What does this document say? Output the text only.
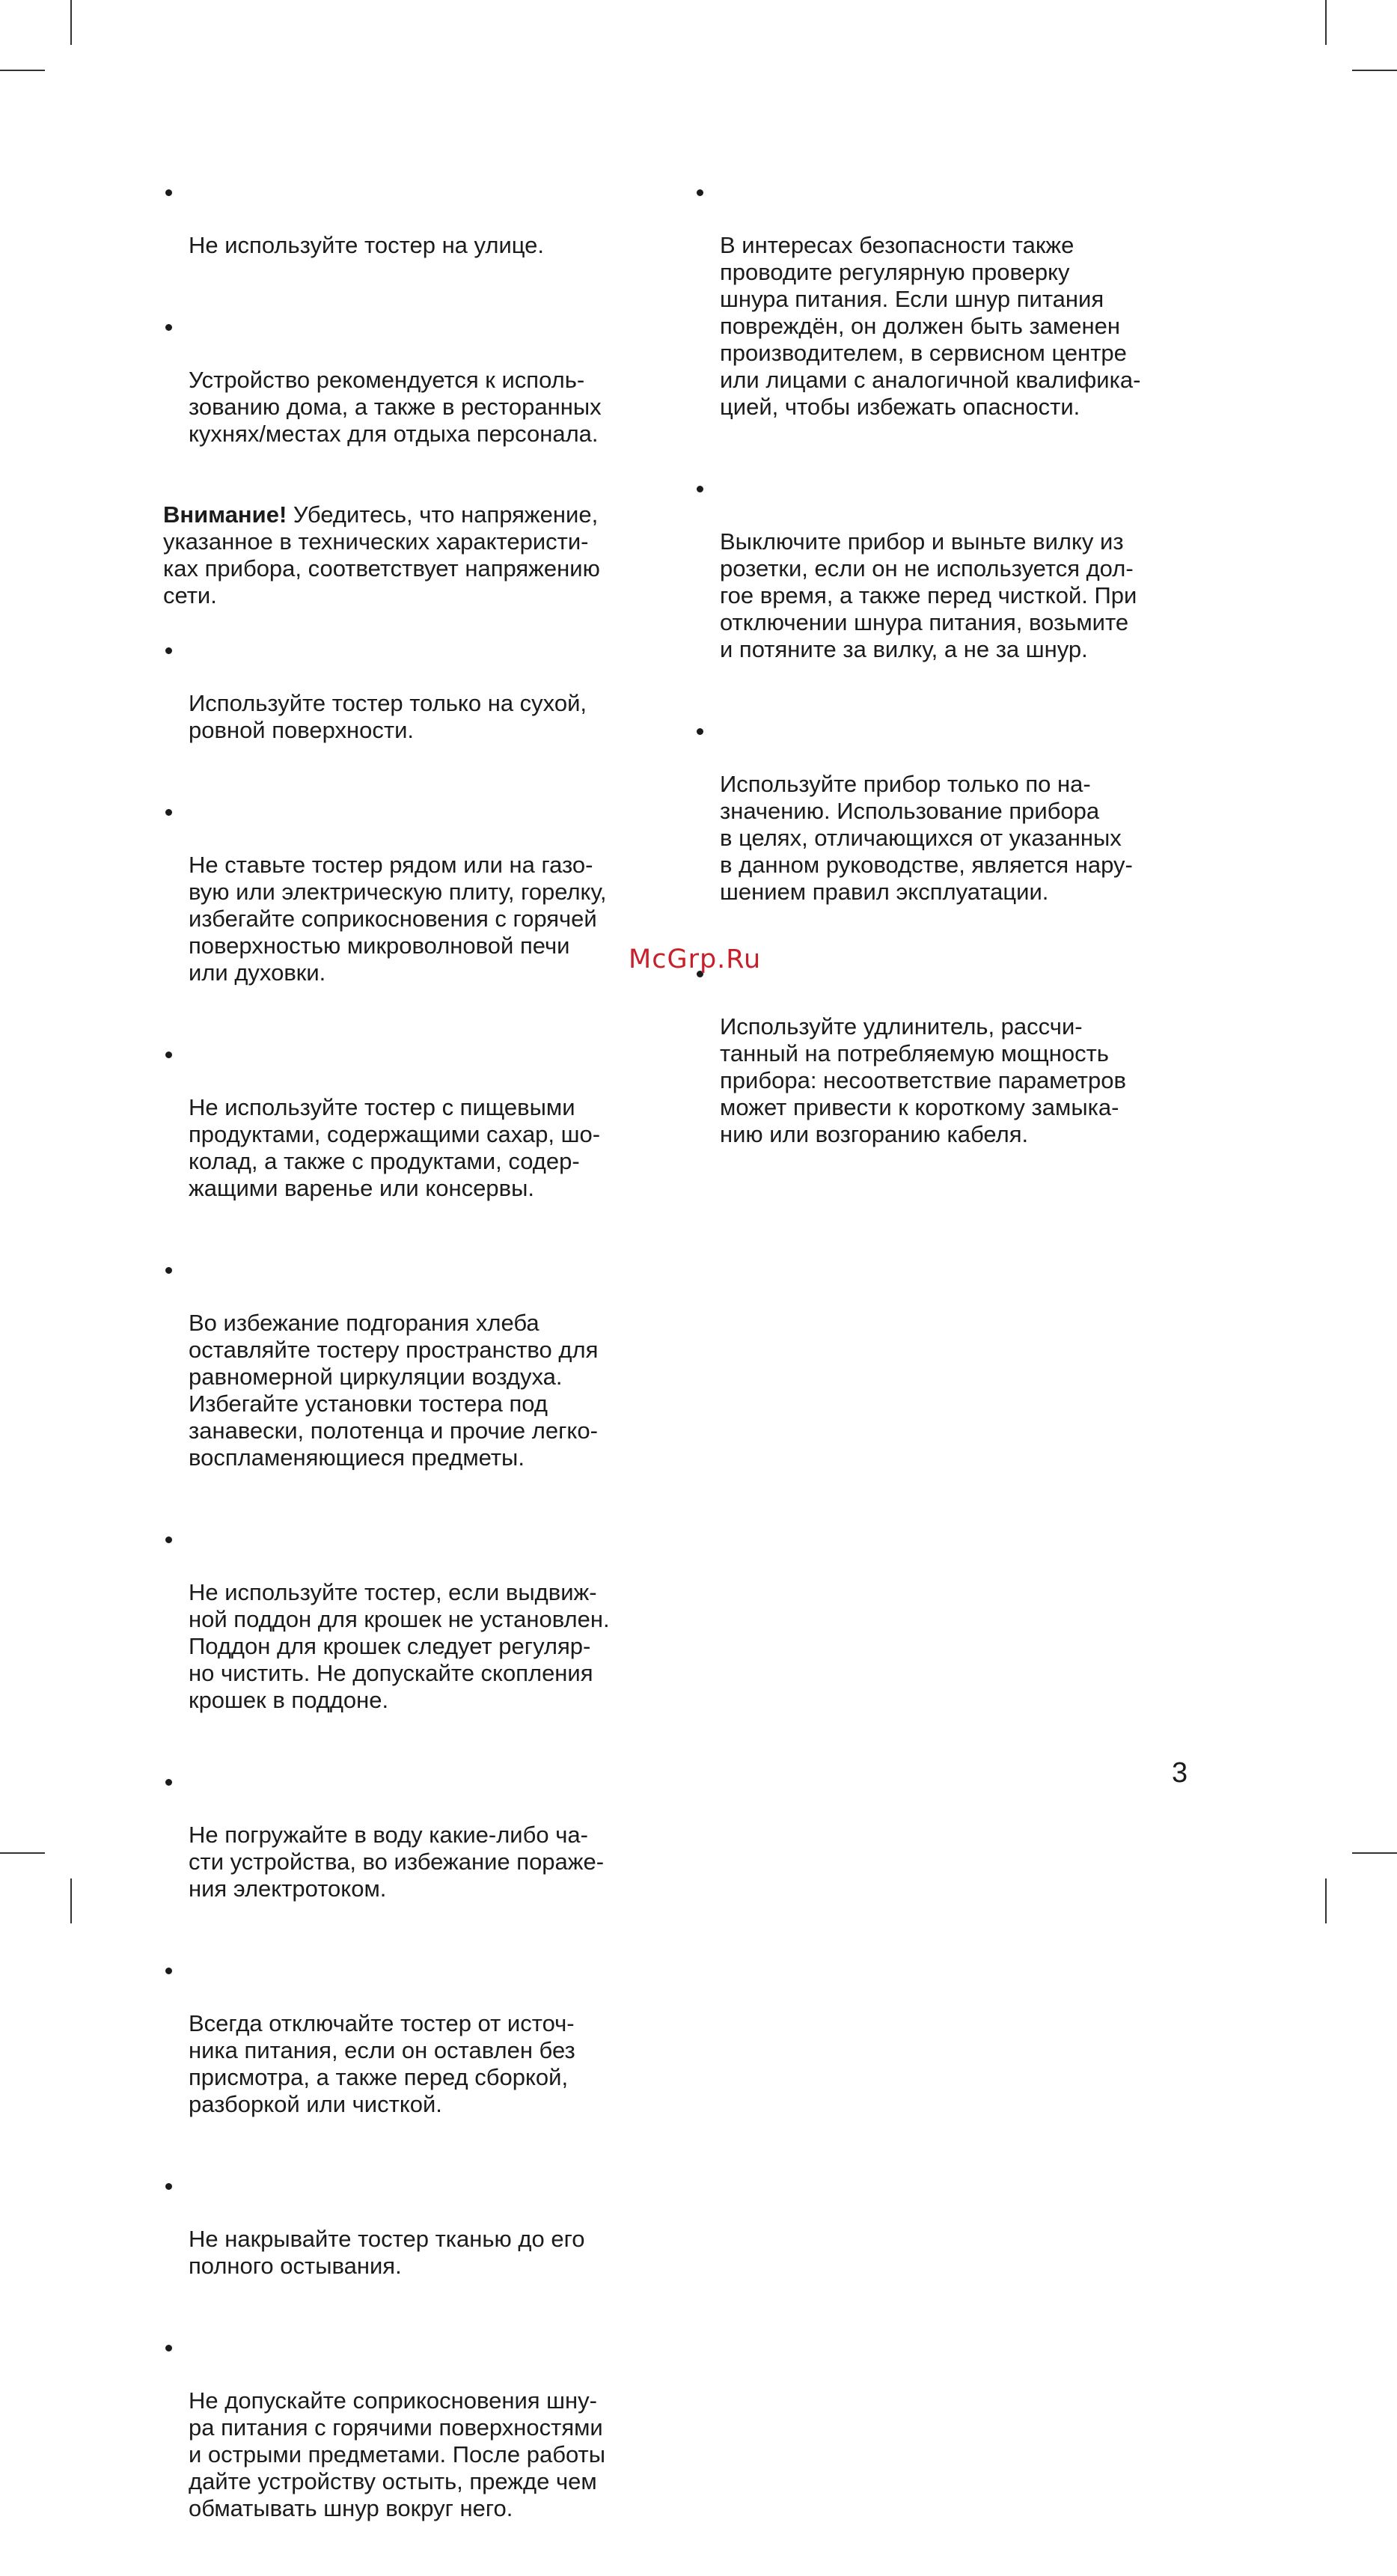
Не используйте тостер на улице.

Устройство рекомендуется к исполь-
зованию дома, а также в ресторанных
кухнях/местах для отдыха персонала.

Внимание! Убедитесь, что напряжение,
указанное в технических характеристи-
ках прибора, соответствует напряжению
сети.

Используйте тостер только на сухой,
ровной поверхности.

Не ставьте тостер рядом или на газо-
вую или электрическую плиту, горелку,
избегайте соприкосновения с горячей
поверхностью микроволновой печи
или духовки.

Не используйте тостер с пищевыми
продуктами, содержащими сахар, шо-
колад, а также с продуктами, содер-
жащими варенье или консервы.

Во избежание подгорания хлеба
оставляйте тостеру пространство для
равномерной циркуляции воздуха.
Избегайте установки тостера под
занавески, полотенца и прочие легко-
воспламеняющиеся предметы.

Не используйте тостер, если выдвиж-
ной поддон для крошек не установлен.
Поддон для крошек следует регуляр-
но чистить. Не допускайте скопления
крошек в поддоне.

Не погружайте в воду какие-либо ча-
сти устройства, во избежание пораже-
ния электротоком.

Всегда отключайте тостер от источ-
ника питания, если он оставлен без
присмотра, а также перед сборкой,
разборкой или чисткой.

Не накрывайте тостер тканью до его
полного остывания.

Не допускайте соприкосновения шну-
ра питания с горячими поверхностями
и острыми предметами. После работы
дайте устройству остыть, прежде чем
обматывать шнур вокруг него.

В интересах безопасности также
проводите регулярную проверку
шнура питания. Если шнур питания
повреждён, он должен быть заменен
производителем, в сервисном центре
или лицами с аналогичной квалифика-
цией, чтобы избежать опасности.

Выключите прибор и выньте вилку из
розетки, если он не используется дол-
гое время, а также перед чисткой. При
отключении шнура питания, возьмите
и потяните за вилку, а не за шнур.

Используйте прибор только по на-
значению. Использование прибора
в целях, отличающихся от указанных
в данном руководстве, является нару-
шением правил эксплуатации.

Используйте удлинитель, рассчи-
танный на потребляемую мощность
прибора: несоответствие параметров
может привести к короткому замыка-
нию или возгоранию кабеля.

McGrp.Ru
3
